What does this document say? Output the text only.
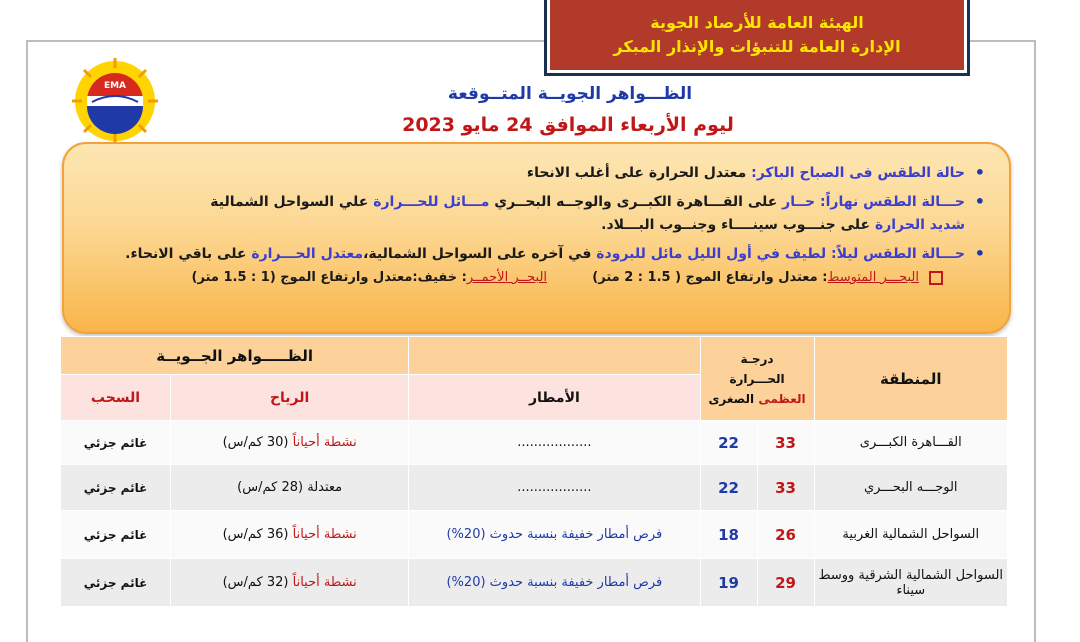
الهيئة العامة للأرصاد الجوية
الإدارة العامة للتنبؤات والإنذار المبكر
EMA	الظـــواهر الجويــة المتــوقعة
ليوم الأربعاء الموافق 24 مايو 2023
• حالة الطقس فى الصباح الباكر: معتدل الحرارة على أغلب الانحاء
• حـــالة الطقس نهاراً: حــار على القـــاهرة الكبــرى والوجــه البحــري مـــائل للحـــرارة علي السواحل الشمالية
شديد الحرارة على جنـــوب سينــــاء وجنــوب البـــلاد.
• حـــالة الطقس ليلاً: لطيف في أول الليل مائل للبرودة في آخره على السواحل الشمالية،معتدل الحـــرارة على باقي الانحاء.
البحـــر المتوسط: معتدل وارتفاع الموج ( 1.5 : 2 متر)          البحــر الأحمــر: خفيف:معتدل وارتفاع الموج (1 : 1.5 متر)
المنطقة	درجـة
الحـــرارة
العظمى الصغرى			الظـــــواهر الجــويــة	
			الأمطار	الرياح	السحب
القـــاهرة الكبـــرى	33	22	..................	نشطة أحياناً (30 كم/س)	غائم جزئي
الوجـــه البحـــري	33	22	..................	معتدلة (28 كم/س)	غائم جزئي
السواحل الشمالية الغربية	26	18	فرص أمطار خفيفة بنسبة حدوث (20%)	نشطة أحياناً (36 كم/س)	غائم جزئي
السواحل الشمالية الشرقية ووسط سيناء	29	19	فرص أمطار خفيفة بنسبة حدوث (20%)	نشطة أحياناً (32 كم/س)	غائم جزئي
